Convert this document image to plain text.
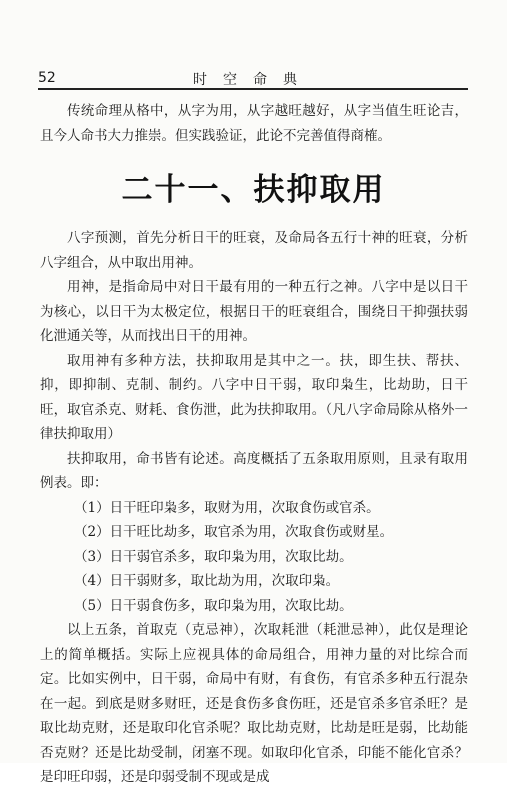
52	时空命典

传统命理从格中，从字为用，从字越旺越好，从字当值生旺论吉，且今人命书大力推崇。但实践验证，此论不完善值得商榷。

二十一、扶抑取用

八字预测，首先分析日干的旺衰，及命局各五行十神的旺衰，分析八字组合，从中取出用神。

用神，是指命局中对日干最有用的一种五行之神。八字中是以日干为核心，以日干为太极定位，根据日干的旺衰组合，围绕日干抑强扶弱化泄通关等，从而找出日干的用神。

取用神有多种方法，扶抑取用是其中之一。扶，即生扶、帮扶、抑，即抑制、克制、制约。八字中日干弱，取印枭生，比劫助，日干旺，取官杀克、财耗、食伤泄，此为扶抑取用。（凡八字命局除从格外一律扶抑取用）

扶抑取用，命书皆有论述。高度概括了五条取用原则，且录有取用例表。即：

（1）日干旺印枭多，取财为用，次取食伤或官杀。

（2）日干旺比劫多，取官杀为用，次取食伤或财星。

（3）日干弱官杀多，取印枭为用，次取比劫。

（4）日干弱财多，取比劫为用，次取印枭。

（5）日干弱食伤多，取印枭为用，次取比劫。

以上五条，首取克（克忌神），次取耗泄（耗泄忌神），此仅是理论上的简单概括。实际上应视具体的命局组合，用神力量的对比综合而定。比如实例中，日干弱，命局中有财，有食伤，有官杀多种五行混杂在一起。到底是财多财旺，还是食伤多食伤旺，还是官杀多官杀旺？是取比劫克财，还是取印化官杀呢？取比劫克财，比劫是旺是弱，比劫能否克财？还是比劫受制，闭塞不现。如取印化官杀，印能不能化官杀？是印旺印弱，还是印弱受制不现或是成
